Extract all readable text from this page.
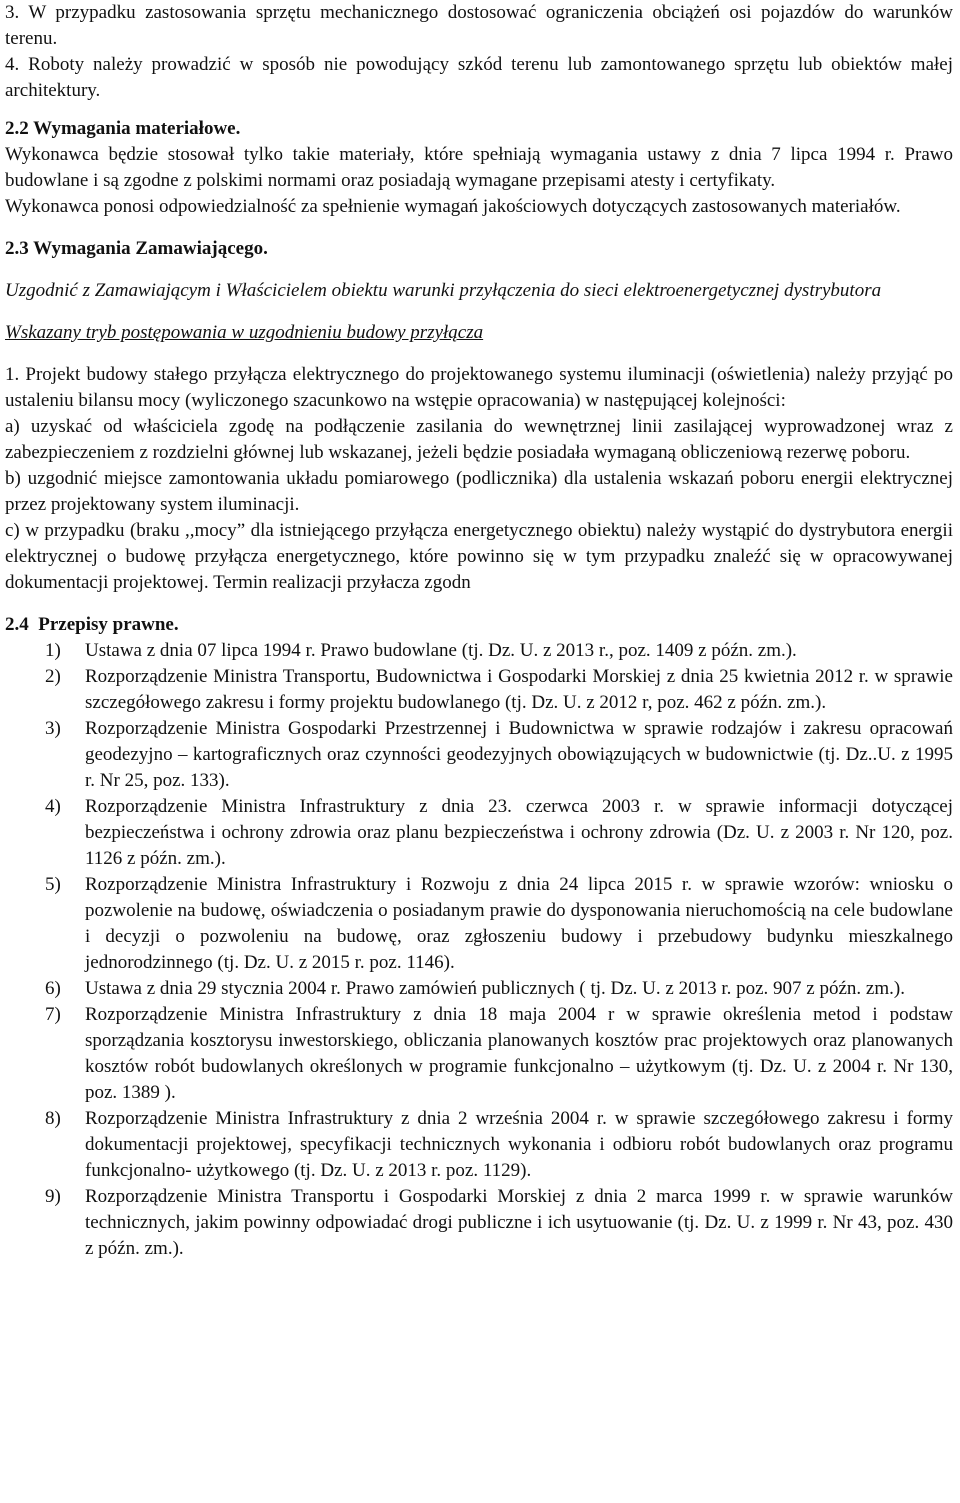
3. W przypadku zastosowania sprzętu mechanicznego dostosować ograniczenia obciążeń osi pojazdów do warunków terenu.

4. Roboty należy prowadzić w sposób nie powodujący szkód terenu lub zamontowanego sprzętu lub obiektów małej architektury.

2.2 Wymagania materiałowe.

Wykonawca będzie stosował tylko takie materiały, które spełniają wymagania ustawy z dnia 7 lipca 1994 r. Prawo budowlane i są zgodne z polskimi normami oraz posiadają wymagane przepisami atesty i certyfikaty.

Wykonawca ponosi odpowiedzialność za spełnienie wymagań jakościowych dotyczących zastosowanych materiałów.

2.3 Wymagania Zamawiającego.

Uzgodnić z Zamawiającym i Właścicielem obiektu warunki przyłączenia do sieci elektroenergetycznej dystrybutora

Wskazany tryb postępowania w uzgodnieniu budowy przyłącza

1. Projekt budowy stałego przyłącza elektrycznego do projektowanego systemu iluminacji (oświetlenia) należy przyjąć po ustaleniu bilansu mocy (wyliczonego szacunkowo na wstępie opracowania) w następującej kolejności:

a) uzyskać od właściciela zgodę na podłączenie zasilania do wewnętrznej linii zasilającej wyprowadzonej wraz z zabezpieczeniem z rozdzielni głównej lub wskazanej, jeżeli będzie posiadała wymaganą obliczeniową rezerwę poboru.

b) uzgodnić miejsce zamontowania układu pomiarowego (podlicznika) dla ustalenia wskazań poboru energii elektrycznej przez projektowany system iluminacji.

c) w przypadku (braku ,,mocy” dla istniejącego przyłącza energetycznego obiektu) należy wystąpić do dystrybutora energii elektrycznej o budowę przyłącza energetycznego, które powinno się w tym przypadku znaleźć się w opracowywanej dokumentacji projektowej. Termin realizacji przyłacza zgodn

2.4 Przepisy prawne.

1)	Ustawa z dnia 07 lipca 1994 r. Prawo budowlane (tj. Dz. U. z 2013 r., poz. 1409 z późn. zm.).
2)	Rozporządzenie Ministra Transportu, Budownictwa i Gospodarki Morskiej z dnia 25 kwietnia 2012 r. w sprawie szczegółowego zakresu i formy projektu budowlanego (tj. Dz. U. z 2012 r, poz. 462 z późn. zm.).
3)	Rozporządzenie Ministra Gospodarki Przestrzennej i Budownictwa w sprawie rodzajów i zakresu opracowań geodezyjno – kartograficznych oraz czynności geodezyjnych obowiązujących w budownictwie (tj. Dz..U. z 1995 r. Nr 25, poz. 133).
4)	Rozporządzenie Ministra Infrastruktury z dnia 23. czerwca 2003 r. w sprawie informacji dotyczącej bezpieczeństwa i ochrony zdrowia oraz planu bezpieczeństwa i ochrony zdrowia (Dz. U. z 2003 r. Nr 120, poz. 1126 z późn. zm.).
5)	Rozporządzenie Ministra Infrastruktury i Rozwoju z dnia 24 lipca 2015 r. w sprawie wzorów: wniosku o pozwolenie na budowę, oświadczenia o posiadanym prawie do dysponowania nieruchomością na cele budowlane i decyzji o pozwoleniu na budowę, oraz zgłoszeniu budowy i przebudowy budynku mieszkalnego jednorodzinnego (tj. Dz. U. z 2015 r. poz. 1146).
6)	Ustawa z dnia 29 stycznia 2004 r. Prawo zamówień publicznych ( tj. Dz. U. z 2013 r. poz. 907 z późn. zm.).
7)	Rozporządzenie Ministra Infrastruktury z dnia 18 maja 2004 r w sprawie określenia metod i podstaw sporządzania kosztorysu inwestorskiego, obliczania planowanych kosztów prac projektowych oraz planowanych kosztów robót budowlanych określonych w programie funkcjonalno – użytkowym (tj. Dz. U. z 2004 r. Nr 130, poz. 1389 ).
8)	Rozporządzenie Ministra Infrastruktury z dnia 2 września 2004 r. w sprawie szczegółowego zakresu i formy dokumentacji projektowej, specyfikacji technicznych wykonania i odbioru robót budowlanych oraz programu funkcjonalno- użytkowego (tj. Dz. U. z 2013 r. poz. 1129).
9)	Rozporządzenie Ministra Transportu i Gospodarki Morskiej z dnia 2 marca 1999 r. w sprawie warunków technicznych, jakim powinny odpowiadać drogi publiczne i ich usytuowanie (tj. Dz. U. z 1999 r. Nr 43, poz. 430 z późn. zm.).
